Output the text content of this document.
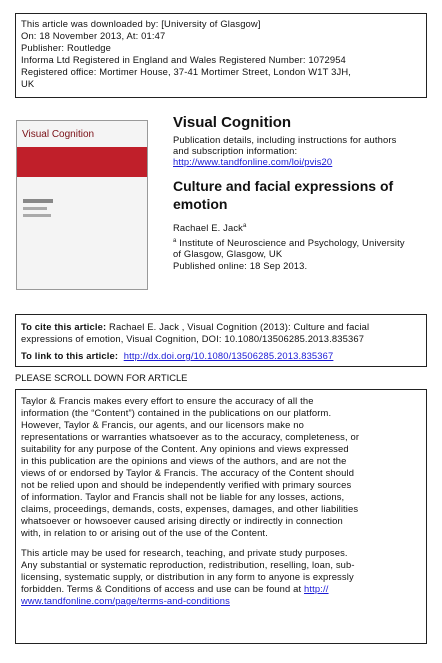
This article was downloaded by: [University of Glasgow]
On: 18 November 2013, At: 01:47
Publisher: Routledge
Informa Ltd Registered in England and Wales Registered Number: 1072954
Registered office: Mortimer House, 37-41 Mortimer Street, London W1T 3JH,
UK
Visual Cognition
Visual Cognition
Publication details, including instructions for authors
and subscription information:
http://www.tandfonline.com/loi/pvis20
Culture and facial expressions of
emotion
Rachael E. Jack$^a$
$^a$ Institute of Neuroscience and Psychology, University
of Glasgow, Glasgow, UK
Published online: 18 Sep 2013.
To cite this article: Rachael E. Jack , Visual Cognition (2013): Culture and facial
expressions of emotion, Visual Cognition, DOI: 10.1080/13506285.2013.835367
To link to this article: http://dx.doi.org/10.1080/13506285.2013.835367
PLEASE SCROLL DOWN FOR ARTICLE
Taylor & Francis makes every effort to ensure the accuracy of all the
information (the “Content”) contained in the publications on our platform.
However, Taylor & Francis, our agents, and our licensors make no
representations or warranties whatsoever as to the accuracy, completeness, or
suitability for any purpose of the Content. Any opinions and views expressed
in this publication are the opinions and views of the authors, and are not the
views of or endorsed by Taylor & Francis. The accuracy of the Content should
not be relied upon and should be independently verified with primary sources
of information. Taylor and Francis shall not be liable for any losses, actions,
claims, proceedings, demands, costs, expenses, damages, and other liabilities
whatsoever or howsoever caused arising directly or indirectly in connection
with, in relation to or arising out of the use of the Content.
This article may be used for research, teaching, and private study purposes.
Any substantial or systematic reproduction, redistribution, reselling, loan, sub-
licensing, systematic supply, or distribution in any form to anyone is expressly
forbidden. Terms & Conditions of access and use can be found at http://
www.tandfonline.com/page/terms-and-conditions
